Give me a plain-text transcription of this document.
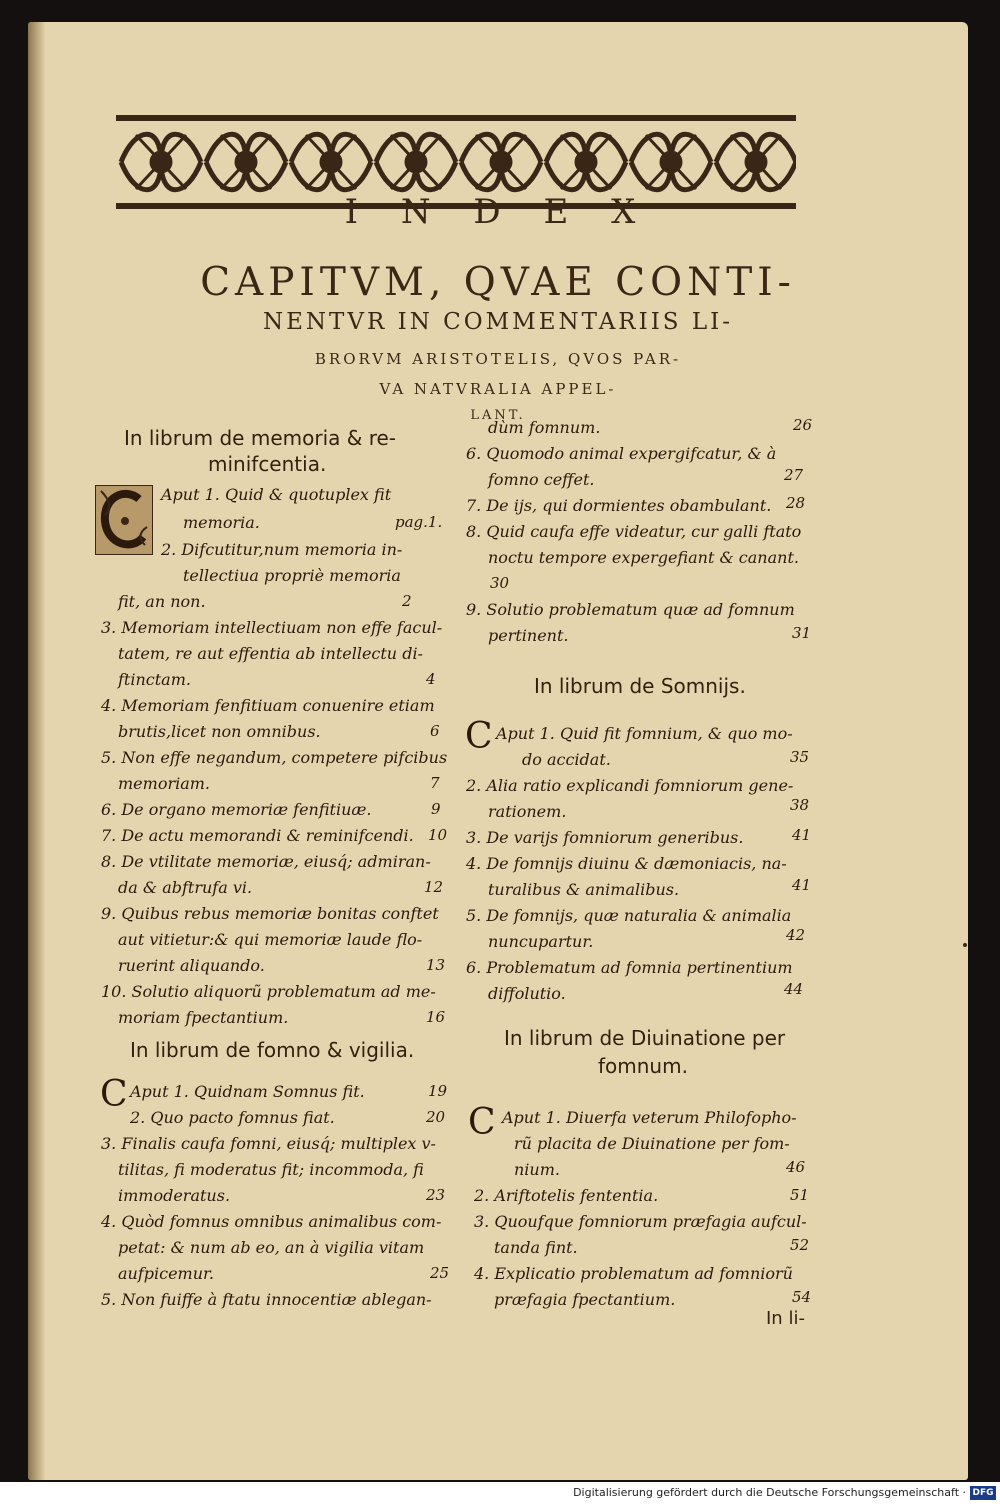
I N D E X
CAPITVM, QVAE CONTI-
NENTVR IN COMMENTARIIS LI-
BRORVM ARISTOTELIS, QVOS PAR-
VA NATVRALIA APPEL-
LANT.
In librum de memoria & re-
minifcentia.
Aput 1. Quid & quotuplex fit
memoria.	pag.1.
2. Difcutitur,num memoria in-
tellectiua propriè memoria
fit, an non.	2
3. Memoriam intellectiuam non effe facul-
tatem, re aut effentia ab intellectu di-
ftinctam.	4
4. Memoriam fenfitiuam conuenire etiam
brutis,licet non omnibus.	6
5. Non effe negandum, competere pifcibus
memoriam.	7
6. De organo memoriæ fenfitiuæ.	9
7. De actu memorandi & reminifcendi. 10
8. De vtilitate memoriæ, eiusq́; admiran-
da & abftrufa vi.	12
9. Quibus rebus memoriæ bonitas conftet
aut vitietur:& qui memoriæ laude flo-
ruerint aliquando.	13
10. Solutio aliquorũ problematum ad me-
moriam fpectantium.	16
In librum de fomno & vigilia.
C Aput 1. Quidnam Somnus fit.	19
2. Quo pacto fomnus fiat.	20
3. Finalis caufa fomni, eiusq́; multiplex v-
tilitas, fi moderatus fit; incommoda, fi
immoderatus.	23
4. Quòd fomnus omnibus animalibus com-
petat: & num ab eo, an à vigilia vitam
aufpicemur.	25
5. Non fuiffe à ftatu innocentiæ ablegan-
dùm fomnum.	26
6. Quomodo animal expergifcatur, & à
fomno ceffet.	27
7. De ijs, qui dormientes obambulant. 28
8. Quid caufa effe videatur, cur galli ftato
noctu tempore expergefiant & canant.
30
9. Solutio problematum quæ ad fomnum
pertinent.	31
In librum de Somnijs.
C Aput 1. Quid fit fomnium, & quo mo-
do accidat.	35
2. Alia ratio explicandi fomniorum gene-
rationem.	38
3. De varijs fomniorum generibus.	41
4. De fomnijs diuinu & dæmoniacis, na-
turalibus & animalibus.	41
5. De fomnijs, quæ naturalia & animalia
nuncupartur.	42
6. Problematum ad fomnia pertinentium
diffolutio.	44
In librum de Diuinatione per
fomnum.
C Aput 1. Diuerfa veterum Philofopho-
rũ placita de Diuinatione per fom-
nium.	46
2. Ariftotelis fententia.	51
3. Quoufque fomniorum præfagia aufcul-
tanda fint.	52
4. Explicatio problematum ad fomniorũ
præfagia fpectantium.	54
In li-
Digitalisierung gefördert durch die Deutsche Forschungsgemeinschaft · DFG
